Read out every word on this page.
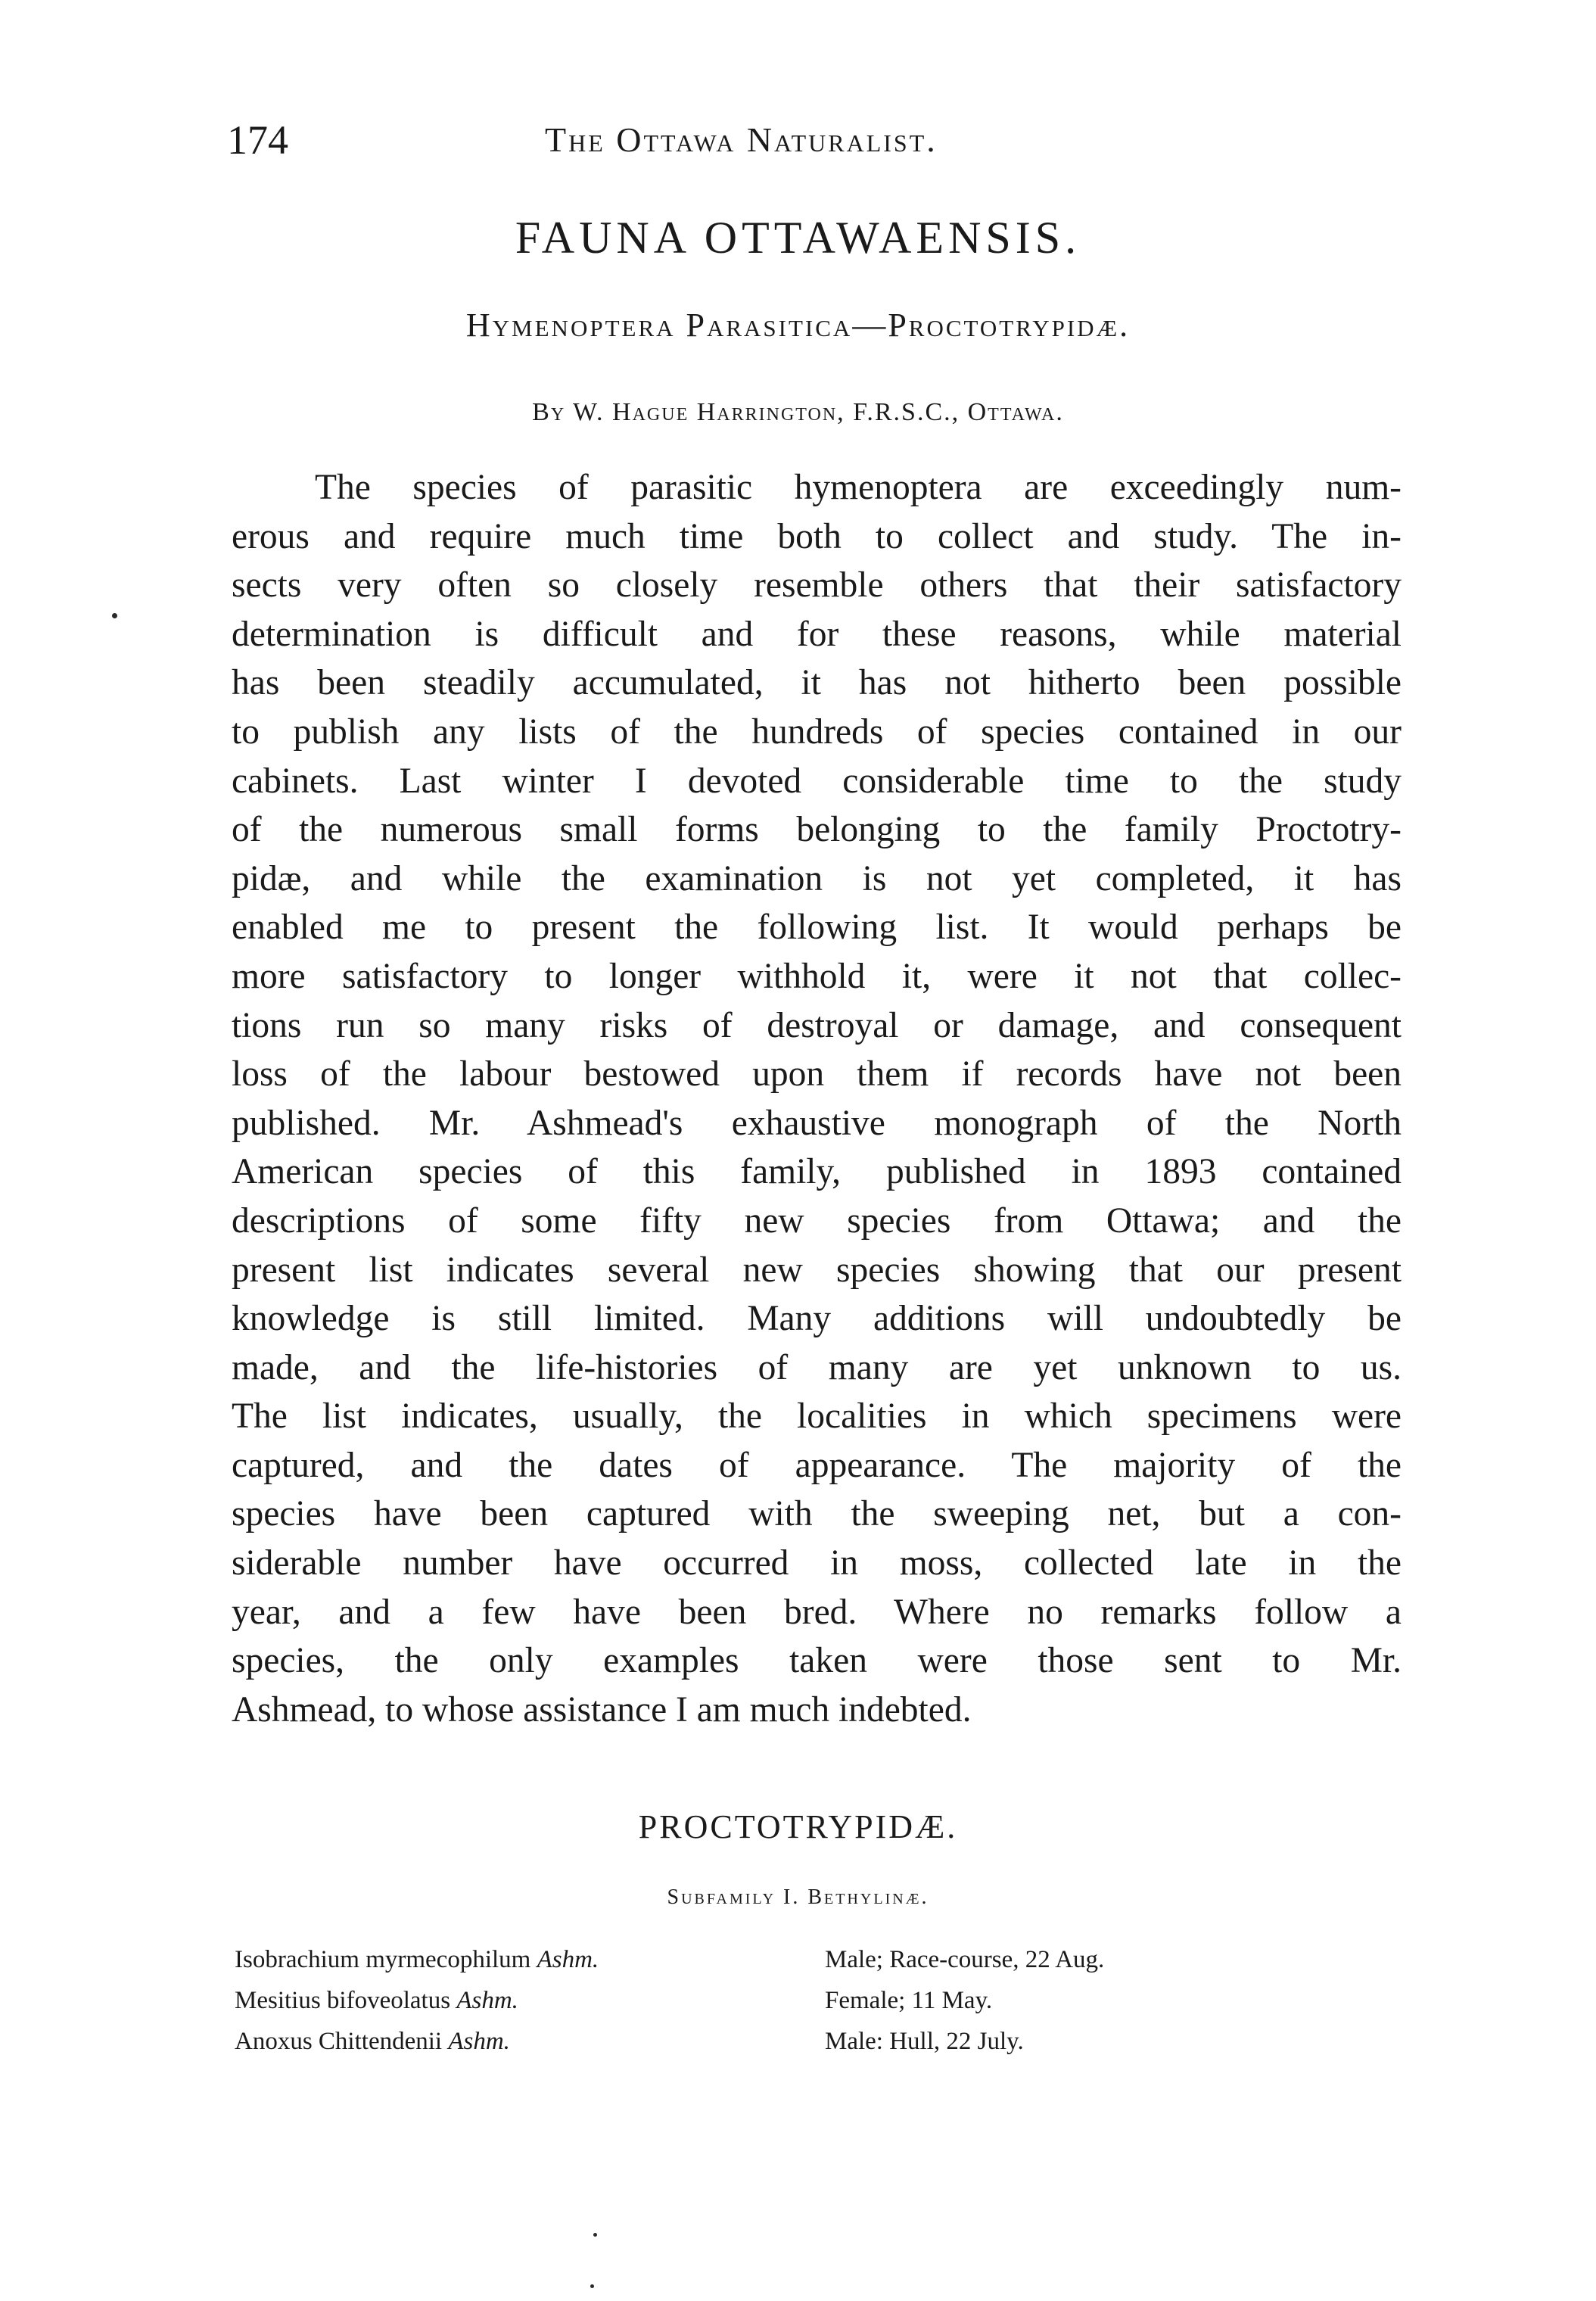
174	The Ottawa Naturalist.
FAUNA OTTAWAENSIS.
Hymenoptera Parasitica—Proctotrypidæ.
By W. Hague Harrington, F.R.S.C., Ottawa.
The species of parasitic hymenoptera are exceedingly num-
erous and require much time both to collect and study. The in-
sects very often so closely resemble others that their satisfactory
determination is difficult and for these reasons, while material
has been steadily accumulated, it has not hitherto been possible
to publish any lists of the hundreds of species contained in our
cabinets. Last winter I devoted considerable time to the study
of the numerous small forms belonging to the family Proctotry-
pidæ, and while the examination is not yet completed, it has
enabled me to present the following list. It would perhaps be
more satisfactory to longer withhold it, were it not that collec-
tions run so many risks of destroyal or damage, and consequent
loss of the labour bestowed upon them if records have not been
published. Mr. Ashmead's exhaustive monograph of the North
American species of this family, published in 1893 contained
descriptions of some fifty new species from Ottawa; and the
present list indicates several new species showing that our present
knowledge is still limited. Many additions will undoubtedly be
made, and the life-histories of many are yet unknown to us.
The list indicates, usually, the localities in which specimens were
captured, and the dates of appearance. The majority of the
species have been captured with the sweeping net, but a con-
siderable number have occurred in moss, collected late in the
year, and a few have been bred. Where no remarks follow a
species, the only examples taken were those sent to Mr.
Ashmead, to whose assistance I am much indebted.
PROCTOTRYPIDÆ.
Subfamily I. Bethylinæ.
Isobrachium myrmecophilum Ashm.	Male; Race-course, 22 Aug.
Mesitius bifoveolatus Ashm.	Female; 11 May.
Anoxus Chittendenii Ashm.	Male: Hull, 22 July.
